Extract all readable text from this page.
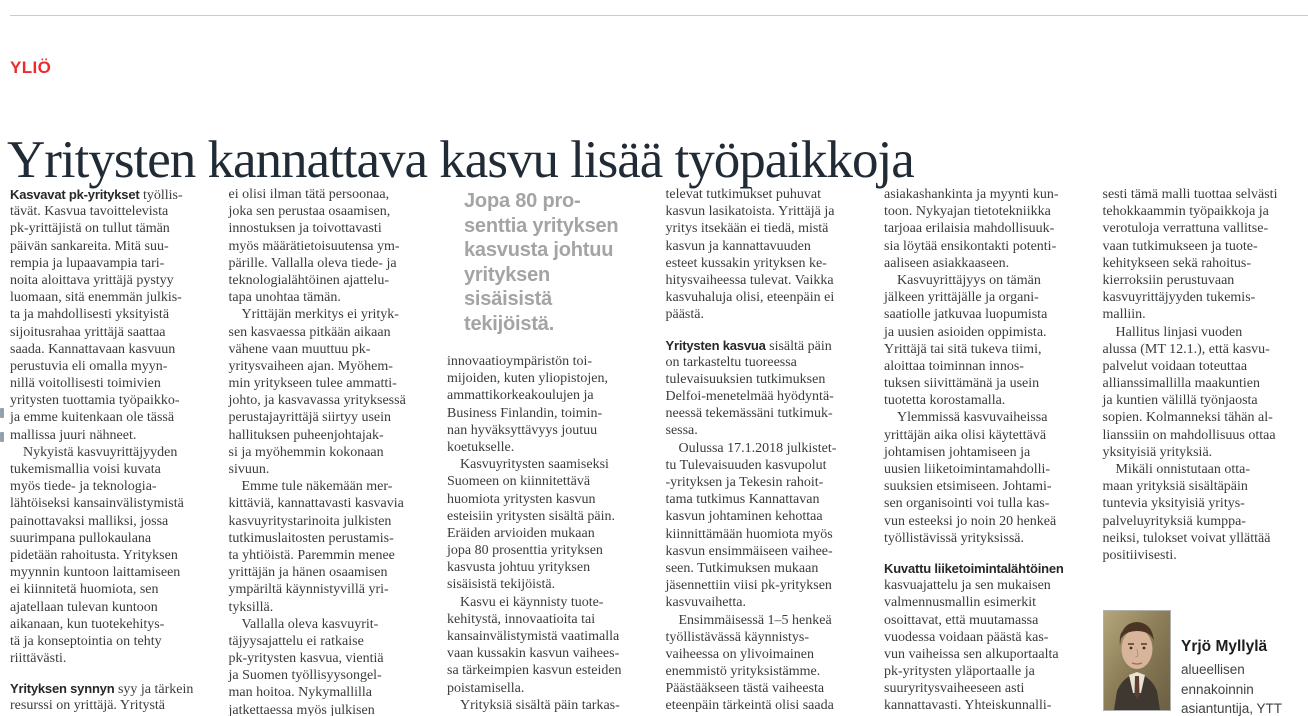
YLIÖ
Yritysten kannattava kasvu lisää työpaikkoja
Kasvavat pk-yritykset työllis-
tävät. Kasvua tavoittelevista
pk-yrittäjistä on tullut tämän
päivän sankareita. Mitä suu-
rempia ja lupaavampia tari-
noita aloittava yrittäjä pystyy
luomaan, sitä enemmän julkis-
ta ja mahdollisesti yksityistä
sijoitusrahaa yrittäjä saattaa
saada. Kannattavaan kasvuun
perustuvia eli omalla myyn-
nillä voitollisesti toimivien
yritysten tuottamia työpaikko-
ja emme kuitenkaan ole tässä
mallissa juuri nähneet.
Nykyistä kasvuyrittäjyyden
tukemismallia voisi kuvata
myös tiede- ja teknologia-
lähtöiseksi kansainvälistymistä
painottavaksi malliksi, jossa
suurimpana pullokaulana
pidetään rahoitusta. Yrityksen
myynnin kuntoon laittamiseen
ei kiinnitetä huomiota, sen
ajatellaan tulevan kuntoon
aikanaan, kun tuotekehitys-
tä ja konseptointia on tehty
riittävästi.
Yrityksen synnyn syy ja tärkein
resurssi on yrittäjä. Yritystä
ei olisi ilman tätä persoonaa,
joka sen perustaa osaamisen,
innostuksen ja toivottavasti
myös määrätietoisuutensa ym-
pärille. Vallalla oleva tiede- ja
teknologialähtöinen ajattelu-
tapa unohtaa tämän.
Yrittäjän merkitys ei yrityk-
sen kasvaessa pitkään aikaan
vähene vaan muuttuu pk-
yritysvaiheen ajan. Myöhem-
min yritykseen tulee ammatti-
johto, ja kasvavassa yrityksessä
perustajayrittäjä siirtyy usein
hallituksen puheenjohtajak-
si ja myöhemmin kokonaan
sivuun.
Emme tule näkemään mer-
kittäviä, kannattavasti kasvavia
kasvuyritystarinoita julkisten
tutkimuslaitosten perustamis-
ta yhtiöistä. Paremmin menee
yrittäjän ja hänen osaamisen
ympäriltä käynnistyvillä yri-
tyksillä.
Vallalla oleva kasvuyrit-
täjyysajattelu ei ratkaise
pk-yritysten kasvua, vientiä
ja Suomen työllisyysongel-
man hoitoa. Nykymallilla
jatkettaessa myös julkisen
innovaatioympäristön toi-
mijoiden, kuten yliopistojen,
ammattikorkeakoulujen ja
Business Finlandin, toimin-
nan hyväksyttävyys joutuu
koetukselle.
Kasvuyritysten saamiseksi
Suomeen on kiinnitettävä
huomiota yritysten kasvun
esteisiin yritysten sisältä päin.
Eräiden arvioiden mukaan
jopa 80 prosenttia yrityksen
kasvusta johtuu yrityksen
sisäisistä tekijöistä.
Kasvu ei käynnisty tuote-
kehitystä, innovaatioita tai
kansainvälistymistä vaatimalla
vaan kussakin kasvun vaihees-
sa tärkeimpien kasvun esteiden
poistamisella.
Yrityksiä sisältä päin tarkas-
televat tutkimukset puhuvat
kasvun lasikatoista. Yrittäjä ja
yritys itsekään ei tiedä, mistä
kasvun ja kannattavuuden
esteet kussakin yrityksen ke-
hitysvaiheessa tulevat. Vaikka
kasvuhaluja olisi, eteenpäin ei
päästä.
Yritysten kasvua sisältä päin
on tarkasteltu tuoreessa
tulevaisuuksien tutkimuksen
Delfoi-menetelmää hyödyntä-
neessä tekemässäni tutkimuk-
sessa.
Oulussa 17.1.2018 julkistet-
tu Tulevaisuuden kasvupolut
-yrityksen ja Tekesin rahoit-
tama tutkimus Kannattavan
kasvun johtaminen kehottaa
kiinnittämään huomiota myös
kasvun ensimmäiseen vaihee-
seen. Tutkimuksen mukaan
jäsennettiin viisi pk-yrityksen
kasvuvaihetta.
Ensimmäisessä 1–5 henkeä
työllistävässä käynnistys-
vaiheessa on ylivoimainen
enemmistö yrityksistämme.
Päästääkseen tästä vaiheesta
eteenpäin tärkeintä olisi saada
asiakashankinta ja myynti kun-
toon. Nykyajan tietotekniikka
tarjoaa erilaisia mahdollisuuk-
sia löytää ensikontakti potenti-
aaliseen asiakkaaseen.
Kasvuyrittäjyys on tämän
jälkeen yrittäjälle ja organi-
saatiolle jatkuvaa luopumista
ja uusien asioiden oppimista.
Yrittäjä tai sitä tukeva tiimi,
aloittaa toiminnan innos-
tuksen siivittämänä ja usein
tuotetta korostamalla.
Ylemmissä kasvuvaiheissa
yrittäjän aika olisi käytettävä
johtamisen johtamiseen ja
uusien liiketoimintamahdolli-
suuksien etsimiseen. Johtami-
sen organisointi voi tulla kas-
vun esteeksi jo noin 20 henkeä
työllistävissä yrityksissä.
Kuvattu liiketoimintalähtöinen
kasvuajattelu ja sen mukaisen
valmennusmallin esimerkit
osoittavat, että muutamassa
vuodessa voidaan päästä kas-
vun vaiheissa sen alkuportaalta
pk-yritysten yläportaalle ja
suuryritysvaiheeseen asti
kannattavasti. Yhteiskunnalli-
sesti tämä malli tuottaa selvästi
tehokkaammin työpaikkoja ja
verotuloja verrattuna vallitse-
vaan tutkimukseen ja tuote-
kehitykseen sekä rahoitus-
kierroksiin perustuvaan
kasvuyrittäjyyden tukemis-
malliin.
Hallitus linjasi vuoden
alussa (MT 12.1.), että kasvu-
palvelut voidaan toteuttaa
allianssimallilla maakuntien
ja kuntien välillä työnjaosta
sopien. Kolmanneksi tähän al-
lianssiin on mahdollisuus ottaa
yksityisiä yrityksiä.
Mikäli onnistutaan otta-
maan yrityksiä sisältäpäin
tuntevia yksityisiä yritys-
palveluyrityksiä kumppa-
neiksi, tulokset voivat yllättää
positiivisesti.
Jopa 80 pro-
senttia yrityksen
kasvusta johtuu
yrityksen
sisäisistä
tekijöistä.
Yrjö Myllylä
alueellisen
ennakoinnin
asiantuntija, YTT
